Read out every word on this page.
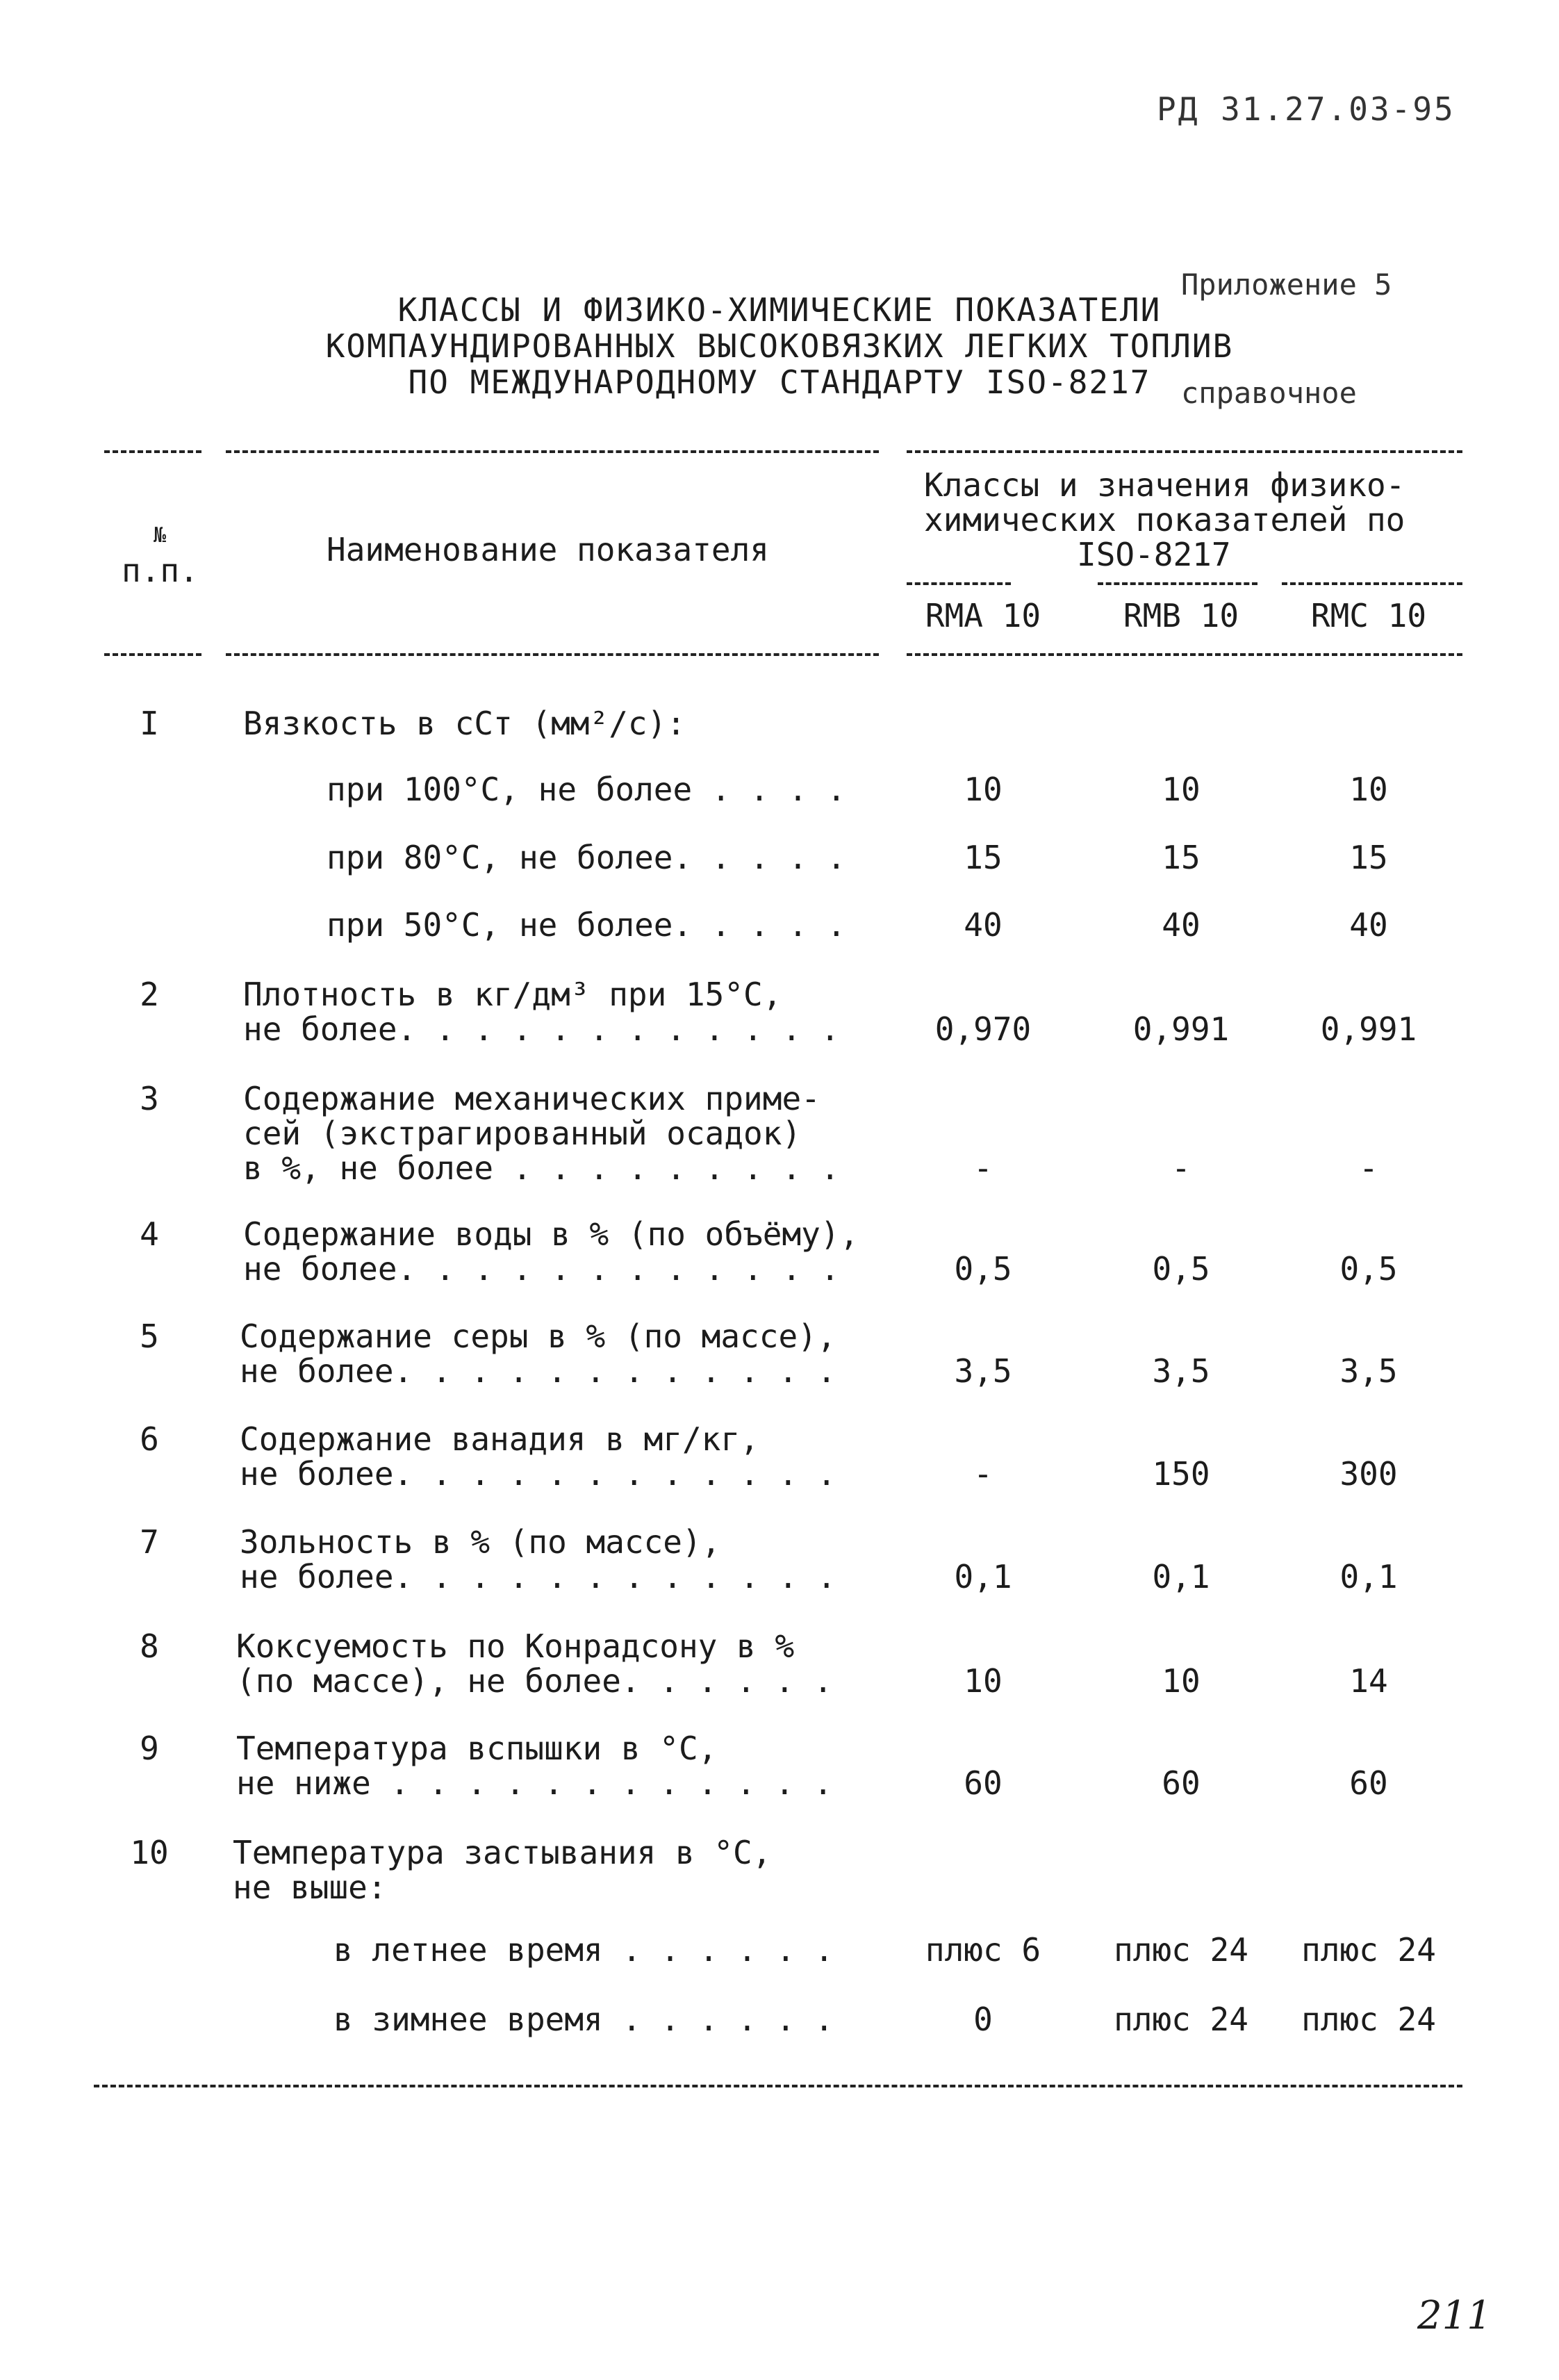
РД 31.27.03-95

Приложение 5

справочное

КЛАССЫ И ФИЗИКО-ХИМИЧЕСКИЕ ПОКАЗАТЕЛИ
КОМПАУНДИРОВАННЫХ ВЫСОКОВЯЗКИХ ЛЕГКИХ ТОПЛИВ
ПО МЕЖДУНАРОДНОМУ СТАНДАРТУ ISO-8217
№
п.п.
Наименование показателя
Классы и значения физико-
химических показателей по
ISO-8217
RMA 10	RMB 10	RMC 10
I	Вязкость в сСт (мм²/с):
при 100°С, не более . . . .	10	10	10
при 80°С, не более. . . . .	15	15	15
при 50°С, не более. . . . .	40	40	40
2	Плотность в кг/дм³ при 15°С,
не более. . . . . . . . . . . .	0,970	0,991	0,991
3	Содержание механических приме-
сей (экстрагированный осадок)
в %, не более . . . . . . . . .	-	-	-
4	Содержание воды в % (по объёму),
не более. . . . . . . . . . . .	0,5	0,5	0,5
5	Содержание серы в % (по массе),
не более. . . . . . . . . . . .	3,5	3,5	3,5
6	Содержание ванадия в мг/кг,
не более. . . . . . . . . . . .	-	150	300
7	Зольность в % (по массе),
не более. . . . . . . . . . . .	0,1	0,1	0,1
8	Коксуемость по Конрадсону в %
(по массе), не более. . . . . .	10	10	14
9	Температура вспышки в °С,
не ниже . . . . . . . . . . . .	60	60	60
10	Температура застывания в °С,
не выше:
в летнее время . . . . . .	плюс 6	плюс 24	плюс 24
в зимнее время . . . . . .	0	плюс 24	плюс 24
211
